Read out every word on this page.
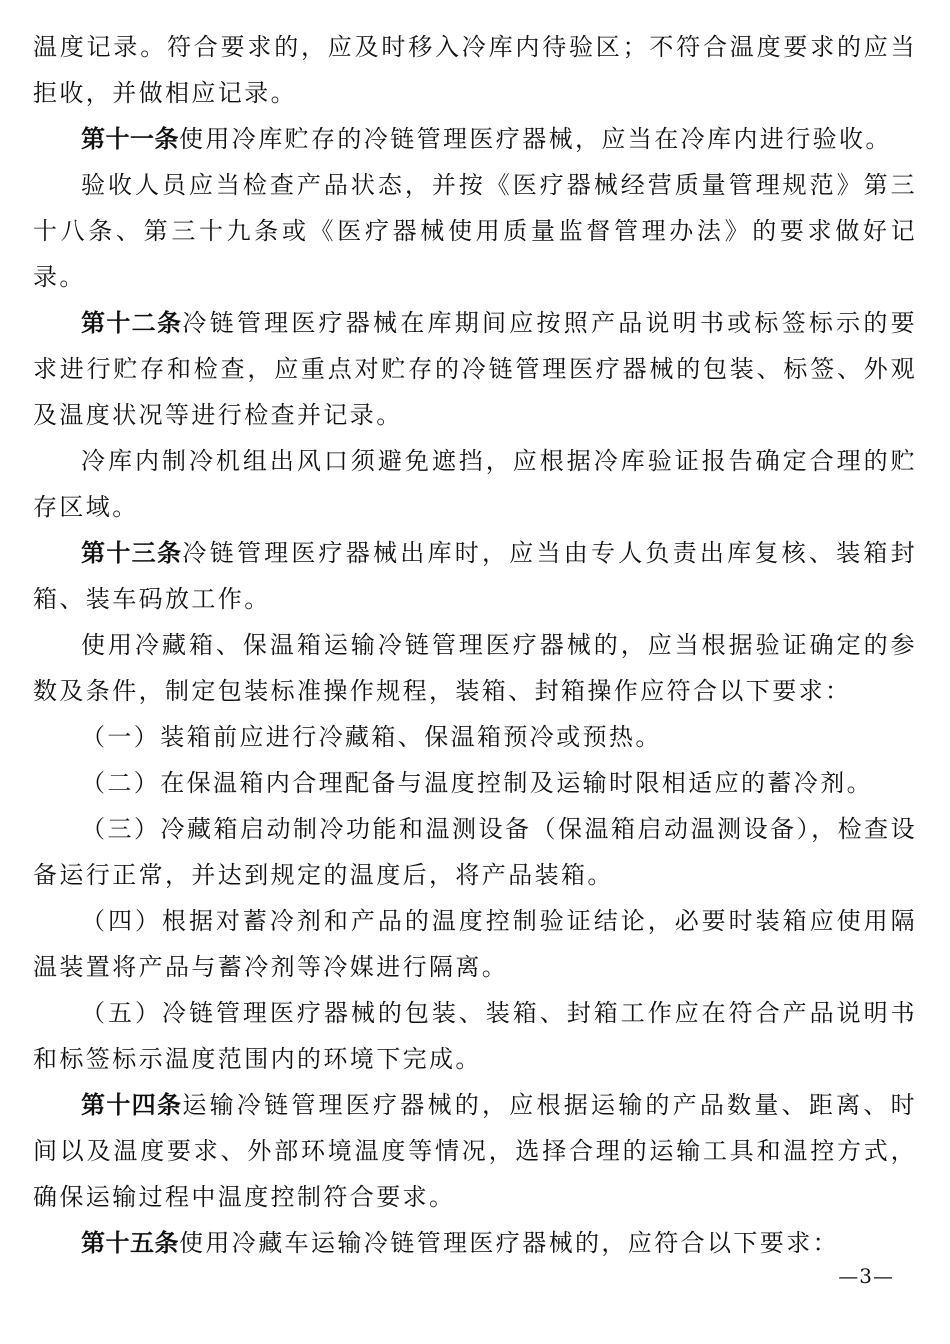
温度记录。符合要求的，应及时移入冷库内待验区；不符合温度要求的应当拒收，并做相应记录。

第十一条使用冷库贮存的冷链管理医疗器械，应当在冷库内进行验收。

验收人员应当检查产品状态，并按《医疗器械经营质量管理规范》第三十八条、第三十九条或《医疗器械使用质量监督管理办法》的要求做好记录。

第十二条冷链管理医疗器械在库期间应按照产品说明书或标签标示的要求进行贮存和检查，应重点对贮存的冷链管理医疗器械的包装、标签、外观及温度状况等进行检查并记录。

冷库内制冷机组出风口须避免遮挡，应根据冷库验证报告确定合理的贮存区域。

第十三条冷链管理医疗器械出库时，应当由专人负责出库复核、装箱封箱、装车码放工作。

使用冷藏箱、保温箱运输冷链管理医疗器械的，应当根据验证确定的参数及条件，制定包装标准操作规程，装箱、封箱操作应符合以下要求：

（一）装箱前应进行冷藏箱、保温箱预冷或预热。

（二）在保温箱内合理配备与温度控制及运输时限相适应的蓄冷剂。

（三）冷藏箱启动制冷功能和温测设备（保温箱启动温测设备），检查设备运行正常，并达到规定的温度后，将产品装箱。

（四）根据对蓄冷剂和产品的温度控制验证结论，必要时装箱应使用隔温装置将产品与蓄冷剂等冷媒进行隔离。

（五）冷链管理医疗器械的包装、装箱、封箱工作应在符合产品说明书和标签标示温度范围内的环境下完成。

第十四条运输冷链管理医疗器械的，应根据运输的产品数量、距离、时间以及温度要求、外部环境温度等情况，选择合理的运输工具和温控方式，确保运输过程中温度控制符合要求。

第十五条使用冷藏车运输冷链管理医疗器械的，应符合以下要求：

—3—
